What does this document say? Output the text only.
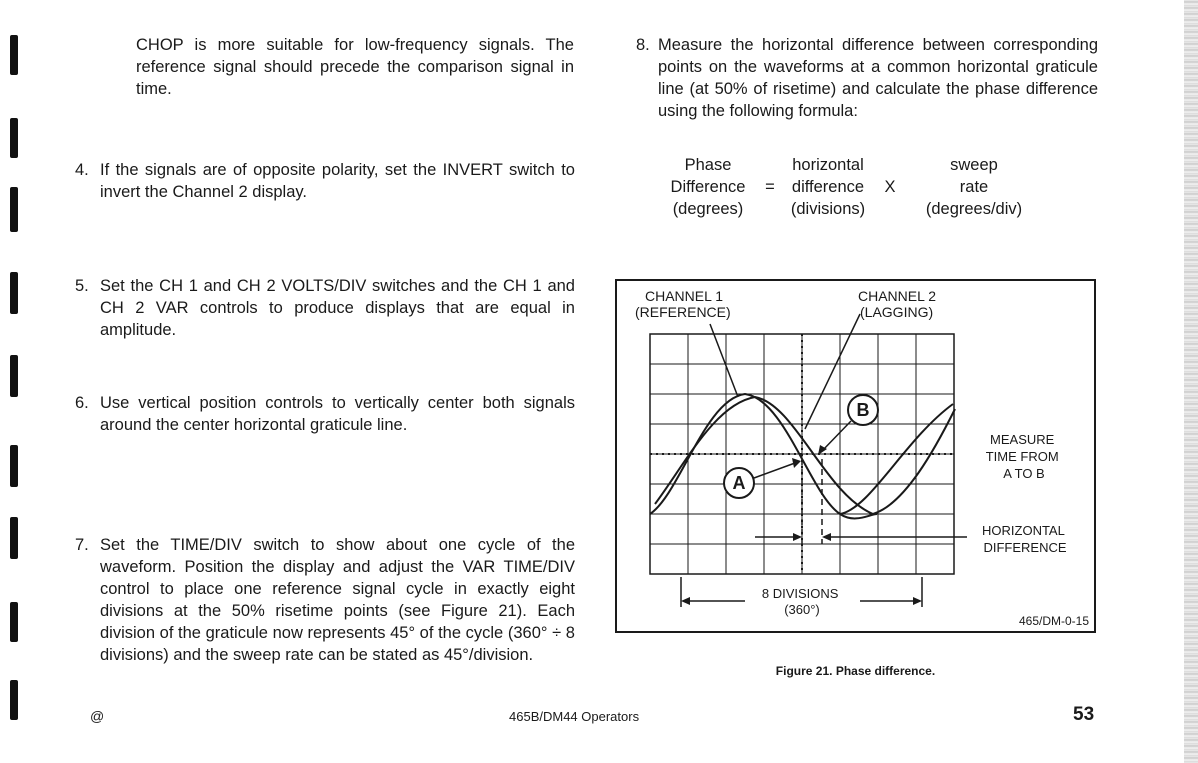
CHOP is more suitable for low-frequency signals. The reference signal should precede the comparison signal in time.
4. If the signals are of opposite polarity, set the INVERT switch to invert the Channel 2 display.
5. Set the CH 1 and CH 2 VOLTS/DIV switches and the CH 1 and CH 2 VAR controls to produce displays that are equal in amplitude.
6. Use vertical position controls to vertically center both signals around the center horizontal graticule line.
7. Set the TIME/DIV switch to show about one cycle of the waveform. Position the display and adjust the VAR TIME/DIV control to place one reference signal cycle in exactly eight divisions at the 50% risetime points (see Figure 21). Each division of the graticule now represents 45° of the cycle (360° ÷ 8 divisions) and the sweep rate can be stated as 45°/division.
8. Measure the horizontal difference between corresponding points on the waveforms at a common horizontal graticule line (at 50% of risetime) and calculate the phase difference using the following formula:
Phase
Difference
(degrees)
=
horizontal
difference
(divisions)
X
sweep
rate
(degrees/div)
CHANNEL 1 (REFERENCE)
CHANNEL 2 (LAGGING)
B
A
MEASURE TIME FROM A TO B
HORIZONTAL DIFFERENCE
8 DIVISIONS (360°)
465/DM-0-15
Figure 21. Phase difference.
@	465B/DM44 Operators	53
